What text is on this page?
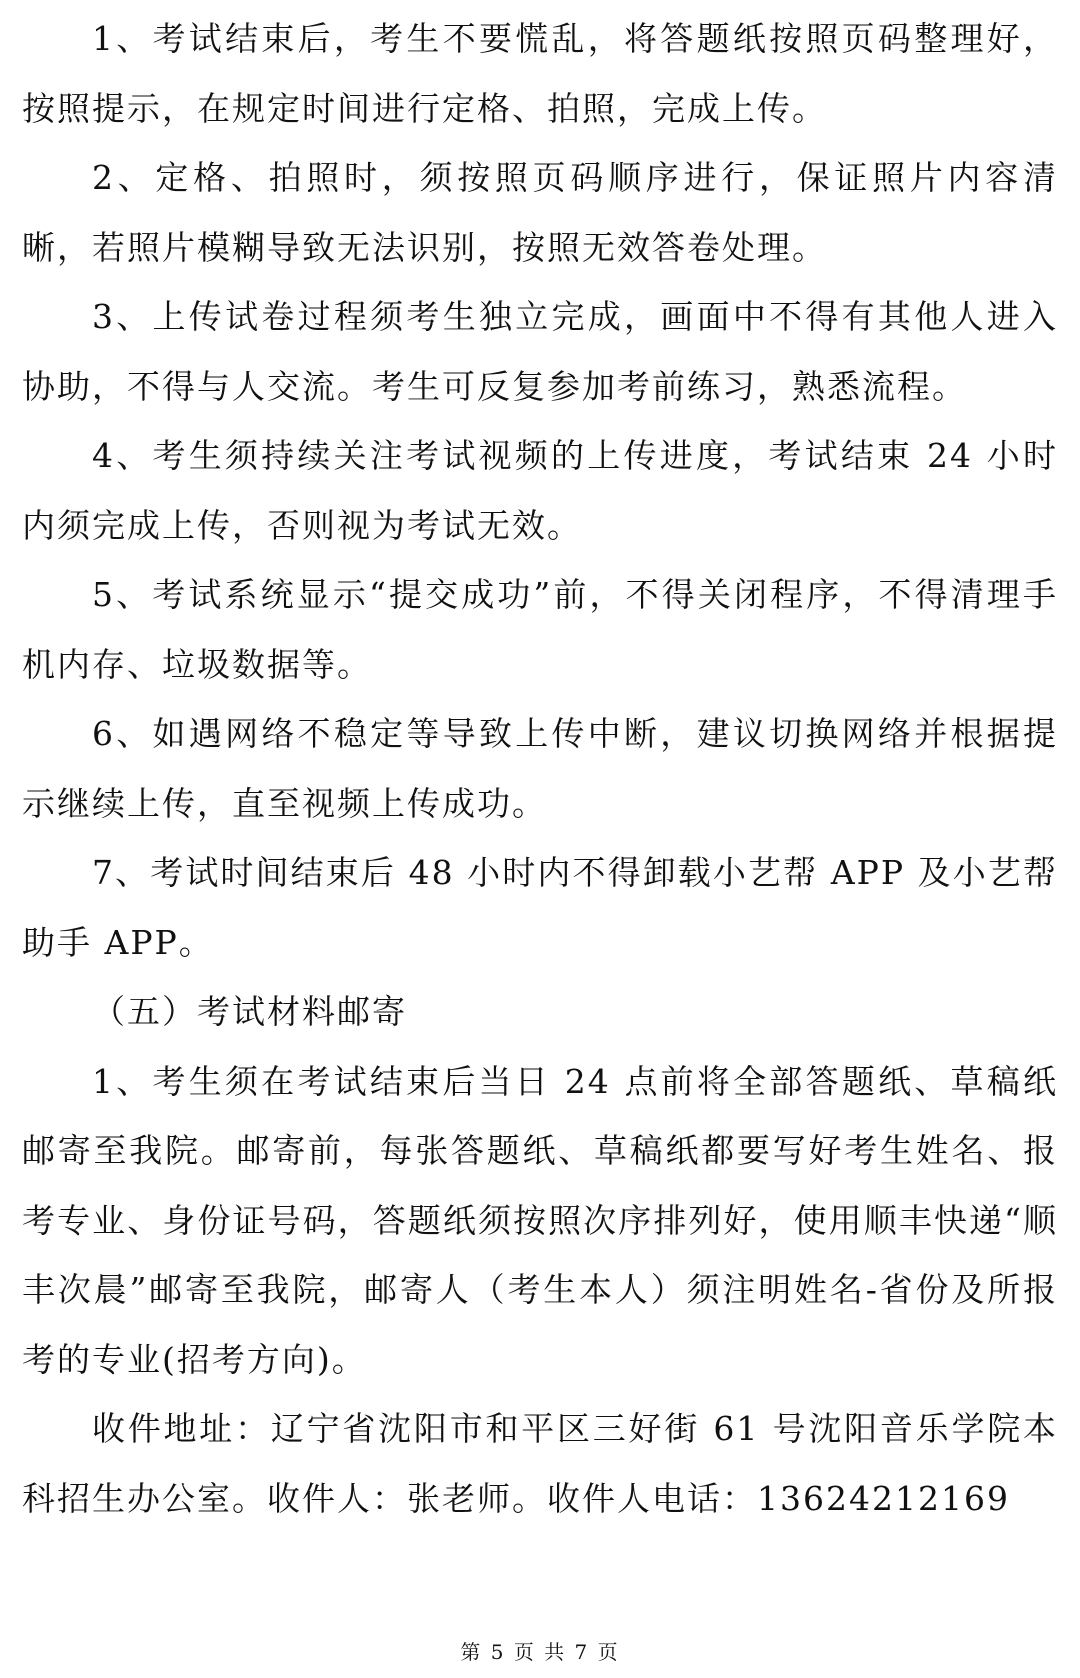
1、考试结束后，考生不要慌乱，将答题纸按照页码整理好，按照提示，在规定时间进行定格、拍照，完成上传。

2、定格、拍照时，须按照页码顺序进行，保证照片内容清晰，若照片模糊导致无法识别，按照无效答卷处理。

3、上传试卷过程须考生独立完成，画面中不得有其他人进入协助，不得与人交流。考生可反复参加考前练习，熟悉流程。

4、考生须持续关注考试视频的上传进度，考试结束 24 小时内须完成上传，否则视为考试无效。

5、考试系统显示“提交成功”前，不得关闭程序，不得清理手机内存、垃圾数据等。

6、如遇网络不稳定等导致上传中断，建议切换网络并根据提示继续上传，直至视频上传成功。

7、考试时间结束后 48 小时内不得卸载小艺帮 APP 及小艺帮助手 APP。

（五）考试材料邮寄

1、考生须在考试结束后当日 24 点前将全部答题纸、草稿纸邮寄至我院。邮寄前，每张答题纸、草稿纸都要写好考生姓名、报考专业、身份证号码，答题纸须按照次序排列好，使用顺丰快递“顺丰次晨”邮寄至我院，邮寄人（考生本人）须注明姓名-省份及所报考的专业(招考方向)。

收件地址：辽宁省沈阳市和平区三好街 61 号沈阳音乐学院本科招生办公室。收件人：张老师。收件人电话：13624212169

第 5 页 共 7 页
